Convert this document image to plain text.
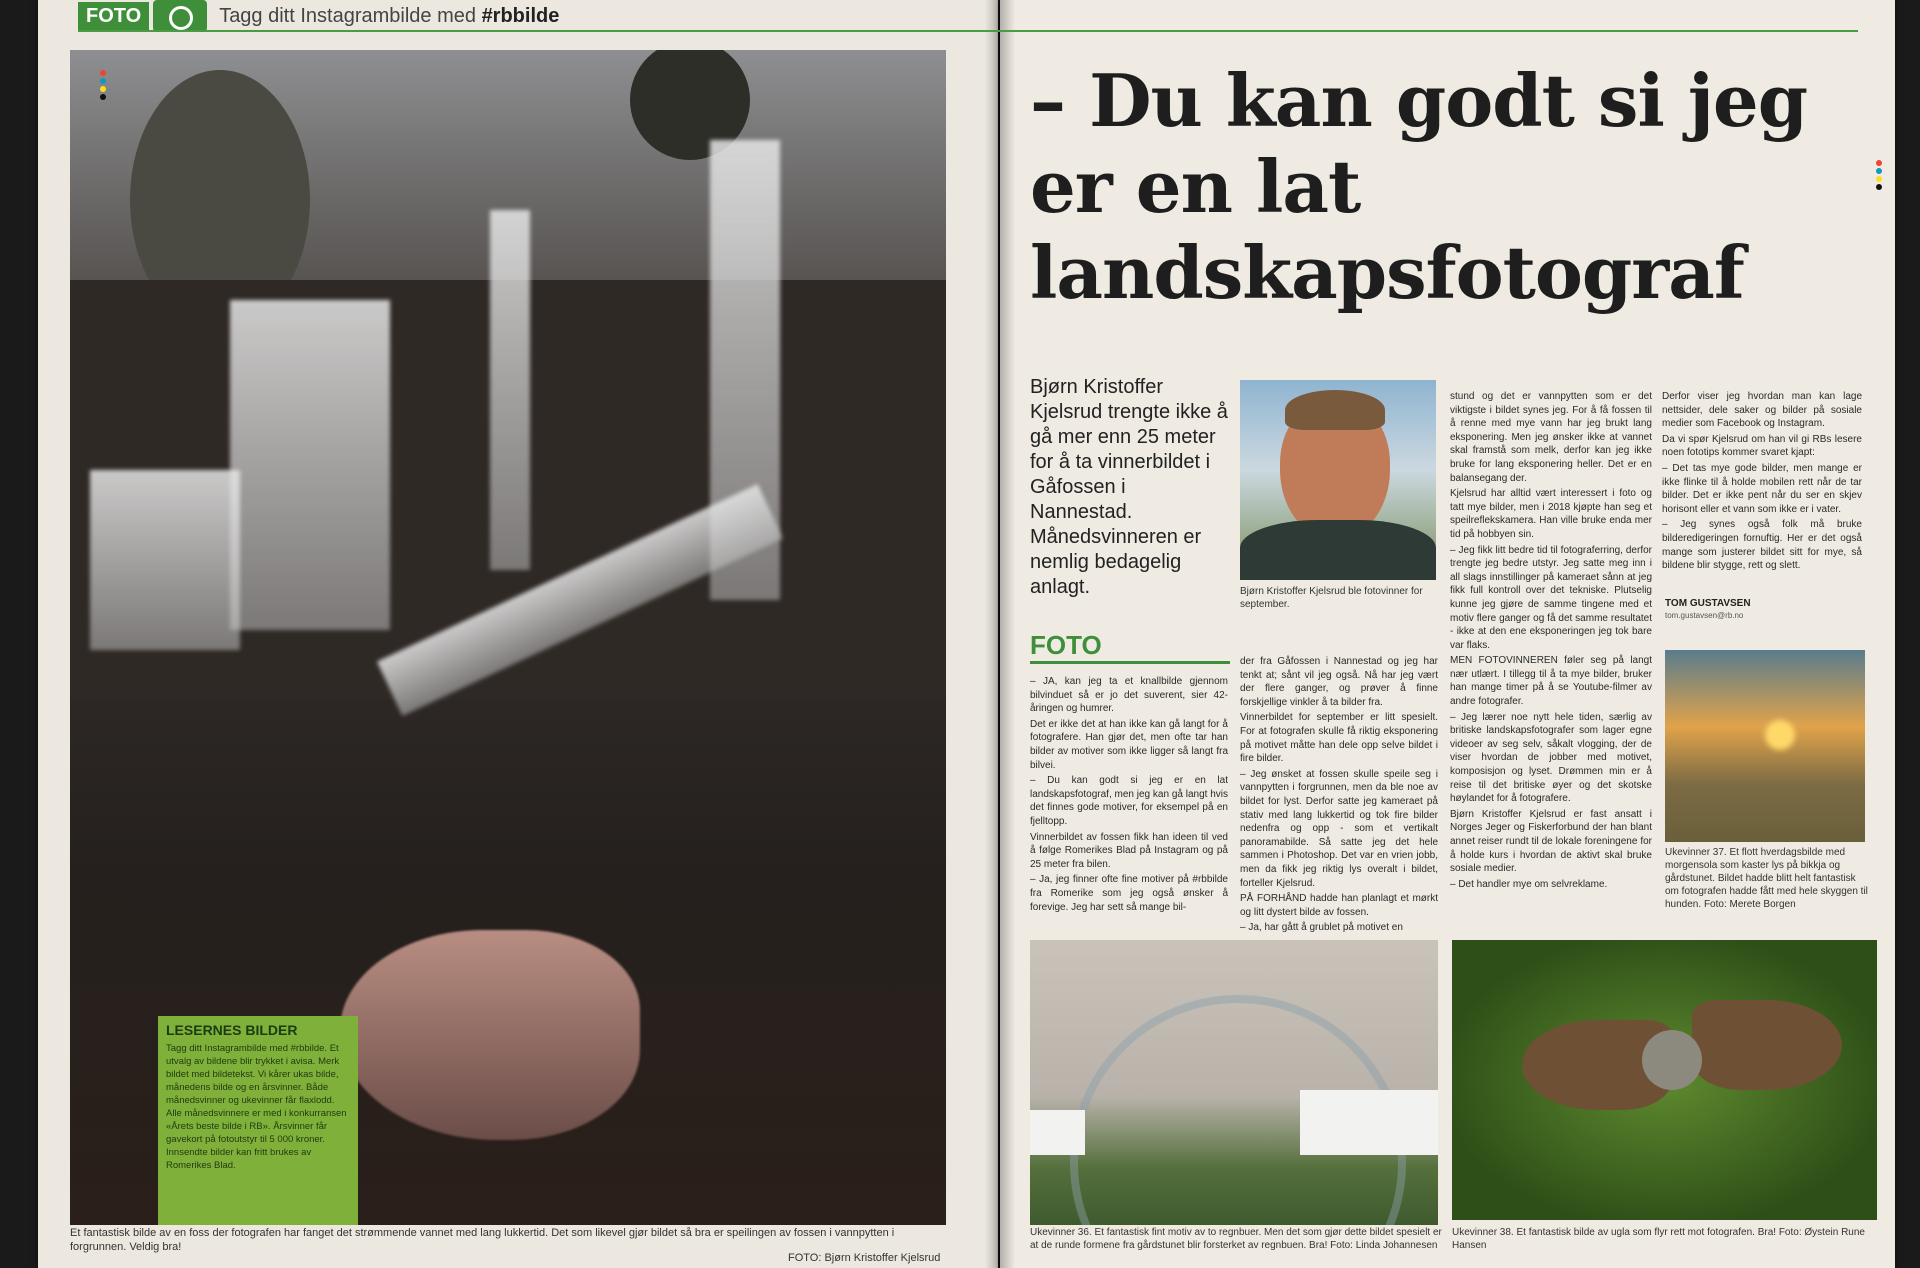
FOTO	Tagg ditt Instagrambilde med #rbbilde
LESERNES BILDER

Tagg ditt Instagrambilde med #rbbilde. Et utvalg av bildene blir trykket i avisa. Merk bildet med bildetekst. Vi kårer ukas bilde, månedens bilde og en årsvinner. Både månedsvinner og ukevinner får flaxlodd. Alle månedsvinnere er med i konkurransen «Årets beste bilde i RB». Årsvinner får gavekort på fotoutstyr til 5 000 kroner. Innsendte bilder kan fritt brukes av Romerikes Blad.

Et fantastisk bilde av en foss der fotografen har fanget det strømmende vannet med lang lukkertid. Det som likevel gjør bildet så bra er speilingen av fossen i vannpytten i forgrunnen. Veldig bra!
FOTO: Bjørn Kristoffer Kjelsrud
– Du kan godt si jeg er en lat landskapsfotograf
Bjørn Kristoffer Kjelsrud trengte ikke å gå mer enn 25 meter for å ta vinnerbildet i Gåfossen i Nannestad. Månedsvinneren er nemlig bedagelig anlagt.	Bjørn Kristoffer Kjelsrud ble fotovinner for september.
FOTO

– JA, kan jeg ta et knallbilde gjennom bilvinduet så er jo det suverent, sier 42-åringen og humrer.

Det er ikke det at han ikke kan gå langt for å fotografere. Han gjør det, men ofte tar han bilder av motiver som ikke ligger så langt fra bilvei.

– Du kan godt si jeg er en lat landskapsfotograf, men jeg kan gå langt hvis det finnes gode motiver, for eksempel på en fjelltopp.

Vinnerbildet av fossen fikk han ideen til ved å følge Romerikes Blad på Instagram og på 25 meter fra bilen.

– Ja, jeg finner ofte fine motiver på #rbbilde fra Romerike som jeg også ønsker å forevige. Jeg har sett så mange bil-

der fra Gåfossen i Nannestad og jeg har tenkt at; sånt vil jeg også. Nå har jeg vært der flere ganger, og prøver å finne forskjellige vinkler å ta bilder fra.

Vinnerbildet for september er litt spesielt. For at fotografen skulle få riktig eksponering på motivet måtte han dele opp selve bildet i fire bilder.

– Jeg ønsket at fossen skulle speile seg i vannpytten i forgrunnen, men da ble noe av bildet for lyst. Derfor satte jeg kameraet på stativ med lang lukkertid og tok fire bilder nedenfra og opp - som et vertikalt panoramabilde. Så satte jeg det hele sammen i Photoshop. Det var en vrien jobb, men da fikk jeg riktig lys overalt i bildet, forteller Kjelsrud.

PÅ FORHÅND hadde han planlagt et mørkt og litt dystert bilde av fossen.

– Ja, har gått å grublet på motivet en

stund og det er vannpytten som er det viktigste i bildet synes jeg. For å få fossen til å renne med mye vann har jeg brukt lang eksponering. Men jeg ønsker ikke at vannet skal framstå som melk, derfor kan jeg ikke bruke for lang eksponering heller. Det er en balansegang der.

Kjelsrud har alltid vært interessert i foto og tatt mye bilder, men i 2018 kjøpte han seg et speilreflekskamera. Han ville bruke enda mer tid på hobbyen sin.

– Jeg fikk litt bedre tid til fotograferring, derfor trengte jeg bedre utstyr. Jeg satte meg inn i all slags innstillinger på kameraet sånn at jeg fikk full kontroll over det tekniske. Plutselig kunne jeg gjøre de samme tingene med et motiv flere ganger og få det samme resultatet - ikke at den ene eksponeringen jeg tok bare var flaks.

MEN FOTOVINNEREN føler seg på langt nær utlært. I tillegg til å ta mye bilder, bruker han mange timer på å se Youtube-filmer av andre fotografer.

– Jeg lærer noe nytt hele tiden, særlig av britiske landskapsfotografer som lager egne videoer av seg selv, såkalt vlogging, der de viser hvordan de jobber med motivet, komposisjon og lyset. Drømmen min er å reise til det britiske øyer og det skotske høylandet for å fotografere.

Bjørn Kristoffer Kjelsrud er fast ansatt i Norges Jeger og Fiskerforbund der han blant annet reiser rundt til de lokale foreningene for å holde kurs i hvordan de aktivt skal bruke sosiale medier.

– Det handler mye om selvreklame.

Derfor viser jeg hvordan man kan lage nettsider, dele saker og bilder på sosiale medier som Facebook og Instagram.

Da vi spør Kjelsrud om han vil gi RBs lesere noen fototips kommer svaret kjapt:

– Det tas mye gode bilder, men mange er ikke flinke til å holde mobilen rett når de tar bilder. Det er ikke pent når du ser en skjev horisont eller et vann som ikke er i vater.

– Jeg synes også folk må bruke bilderedigeringen fornuftig. Her er det også mange som justerer bildet sitt for mye, så bildene blir stygge, rett og slett.

TOM GUSTAVSEN
tom.gustavsen@rb.no
Ukevinner 37. Et flott hverdagsbilde med morgensola som kaster lys på bikkja og gårdstunet. Bildet hadde blitt helt fantastisk om fotografen hadde fått med hele skyggen til hunden. Foto: Merete Borgen
Ukevinner 36. Et fantastisk fint motiv av to regnbuer. Men det som gjør dette bildet spesielt er at de runde formene fra gårdstunet blir forsterket av regnbuen. Bra! Foto: Linda Johannesen
Ukevinner 38. Et fantastisk bilde av ugla som flyr rett mot fotografen. Bra! Foto: Øystein Rune Hansen
